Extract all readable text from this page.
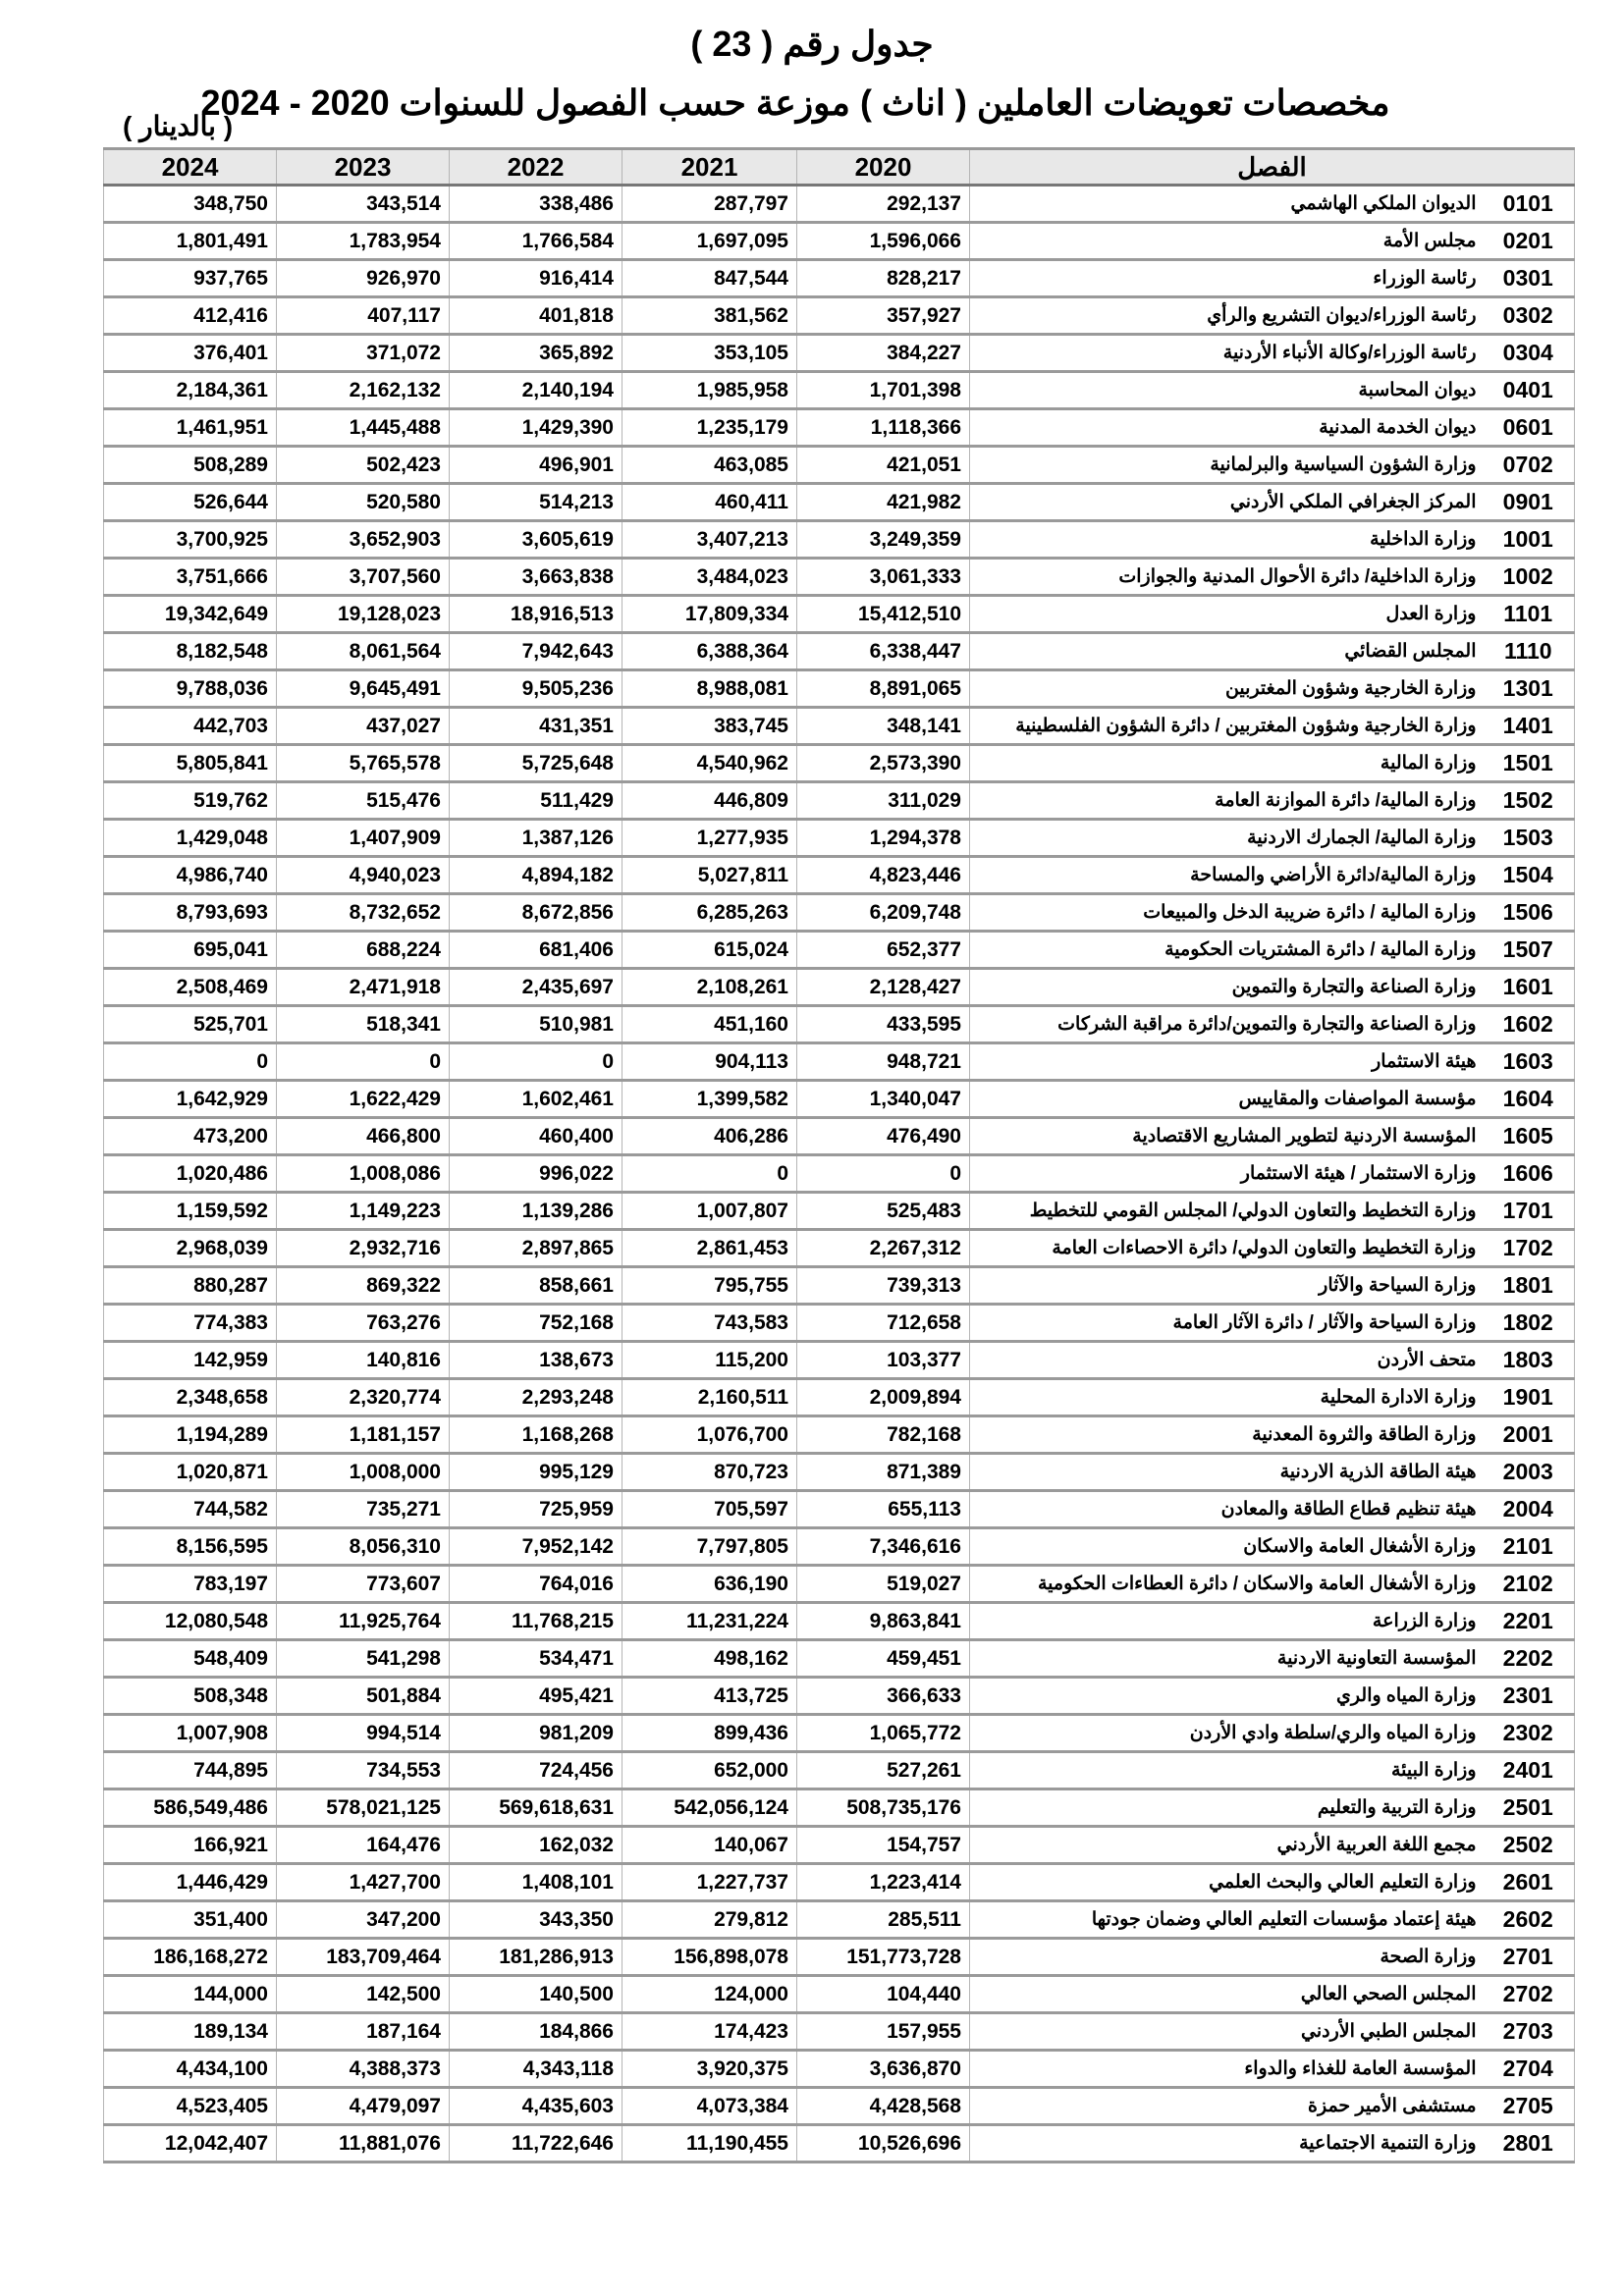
جدول رقم ( 23 )
مخصصات تعويضات العاملين ( اناث ) موزعة حسب الفصول للسنوات 2020 - 2024
( بالدينار )
2024	2023	2022	2021	2020	الفصل	
348,750	343,514	338,486	287,797	292,137	الديوان الملكي الهاشمي	0101
1,801,491	1,783,954	1,766,584	1,697,095	1,596,066	مجلس الأمة	0201
937,765	926,970	916,414	847,544	828,217	رئاسة الوزراء	0301
412,416	407,117	401,818	381,562	357,927	رئاسة الوزراء/ديوان التشريع والرأي	0302
376,401	371,072	365,892	353,105	384,227	رئاسة الوزراء/وكالة الأنباء الأردنية	0304
2,184,361	2,162,132	2,140,194	1,985,958	1,701,398	ديوان المحاسبة	0401
1,461,951	1,445,488	1,429,390	1,235,179	1,118,366	ديوان الخدمة المدنية	0601
508,289	502,423	496,901	463,085	421,051	وزارة الشؤون السياسية والبرلمانية	0702
526,644	520,580	514,213	460,411	421,982	المركز الجغرافي الملكي الأردني	0901
3,700,925	3,652,903	3,605,619	3,407,213	3,249,359	وزارة الداخلية	1001
3,751,666	3,707,560	3,663,838	3,484,023	3,061,333	وزارة الداخلية/ دائرة الأحوال المدنية والجوازات	1002
19,342,649	19,128,023	18,916,513	17,809,334	15,412,510	وزارة العدل	1101
8,182,548	8,061,564	7,942,643	6,388,364	6,338,447	المجلس القضائي	1110
9,788,036	9,645,491	9,505,236	8,988,081	8,891,065	وزارة الخارجية وشؤون المغتربين	1301
442,703	437,027	431,351	383,745	348,141	وزارة الخارجية وشؤون المغتربين / دائرة الشؤون الفلسطينية	1401
5,805,841	5,765,578	5,725,648	4,540,962	2,573,390	وزارة المالية	1501
519,762	515,476	511,429	446,809	311,029	وزارة المالية/ دائرة الموازنة العامة	1502
1,429,048	1,407,909	1,387,126	1,277,935	1,294,378	وزارة المالية/ الجمارك الاردنية	1503
4,986,740	4,940,023	4,894,182	5,027,811	4,823,446	وزارة المالية/دائرة الأراضي والمساحة	1504
8,793,693	8,732,652	8,672,856	6,285,263	6,209,748	وزارة المالية / دائرة ضريبة الدخل والمبيعات	1506
695,041	688,224	681,406	615,024	652,377	وزارة المالية / دائرة المشتريات الحكومية	1507
2,508,469	2,471,918	2,435,697	2,108,261	2,128,427	وزارة الصناعة والتجارة والتموين	1601
525,701	518,341	510,981	451,160	433,595	وزارة الصناعة والتجارة والتموين/دائرة مراقبة الشركات	1602
0	0	0	904,113	948,721	هيئة الاستثمار	1603
1,642,929	1,622,429	1,602,461	1,399,582	1,340,047	مؤسسة المواصفات والمقاييس	1604
473,200	466,800	460,400	406,286	476,490	المؤسسة الاردنية لتطوير المشاريع الاقتصادية	1605
1,020,486	1,008,086	996,022	0	0	وزارة الاستثمار / هيئة الاستثمار	1606
1,159,592	1,149,223	1,139,286	1,007,807	525,483	وزارة التخطيط والتعاون الدولي/ المجلس القومي للتخطيط	1701
2,968,039	2,932,716	2,897,865	2,861,453	2,267,312	وزارة التخطيط والتعاون الدولي/ دائرة الاحصاءات العامة	1702
880,287	869,322	858,661	795,755	739,313	وزارة السياحة والآثار	1801
774,383	763,276	752,168	743,583	712,658	وزارة السياحة والآثار / دائرة الآثار العامة	1802
142,959	140,816	138,673	115,200	103,377	متحف الأردن	1803
2,348,658	2,320,774	2,293,248	2,160,511	2,009,894	وزارة الادارة المحلية	1901
1,194,289	1,181,157	1,168,268	1,076,700	782,168	وزارة الطاقة والثروة المعدنية	2001
1,020,871	1,008,000	995,129	870,723	871,389	هيئة الطاقة الذرية الاردنية	2003
744,582	735,271	725,959	705,597	655,113	هيئة تنظيم قطاع الطاقة والمعادن	2004
8,156,595	8,056,310	7,952,142	7,797,805	7,346,616	وزارة الأشغال العامة والاسكان	2101
783,197	773,607	764,016	636,190	519,027	وزارة الأشغال العامة والاسكان / دائرة العطاءات الحكومية	2102
12,080,548	11,925,764	11,768,215	11,231,224	9,863,841	وزارة الزراعة	2201
548,409	541,298	534,471	498,162	459,451	المؤسسة التعاونية الاردنية	2202
508,348	501,884	495,421	413,725	366,633	وزارة المياه والري	2301
1,007,908	994,514	981,209	899,436	1,065,772	وزارة المياه والري/سلطة وادي الأردن	2302
744,895	734,553	724,456	652,000	527,261	وزارة البيئة	2401
586,549,486	578,021,125	569,618,631	542,056,124	508,735,176	وزارة التربية والتعليم	2501
166,921	164,476	162,032	140,067	154,757	مجمع اللغة العربية الأردني	2502
1,446,429	1,427,700	1,408,101	1,227,737	1,223,414	وزارة التعليم العالي والبحث العلمي	2601
351,400	347,200	343,350	279,812	285,511	هيئة إعتماد مؤسسات التعليم العالي وضمان جودتها	2602
186,168,272	183,709,464	181,286,913	156,898,078	151,773,728	وزارة الصحة	2701
144,000	142,500	140,500	124,000	104,440	المجلس الصحي العالي	2702
189,134	187,164	184,866	174,423	157,955	المجلس الطبي الأردني	2703
4,434,100	4,388,373	4,343,118	3,920,375	3,636,870	المؤسسة العامة للغذاء والدواء	2704
4,523,405	4,479,097	4,435,603	4,073,384	4,428,568	مستشفى الأمير حمزة	2705
12,042,407	11,881,076	11,722,646	11,190,455	10,526,696	وزارة التنمية الاجتماعية	2801
